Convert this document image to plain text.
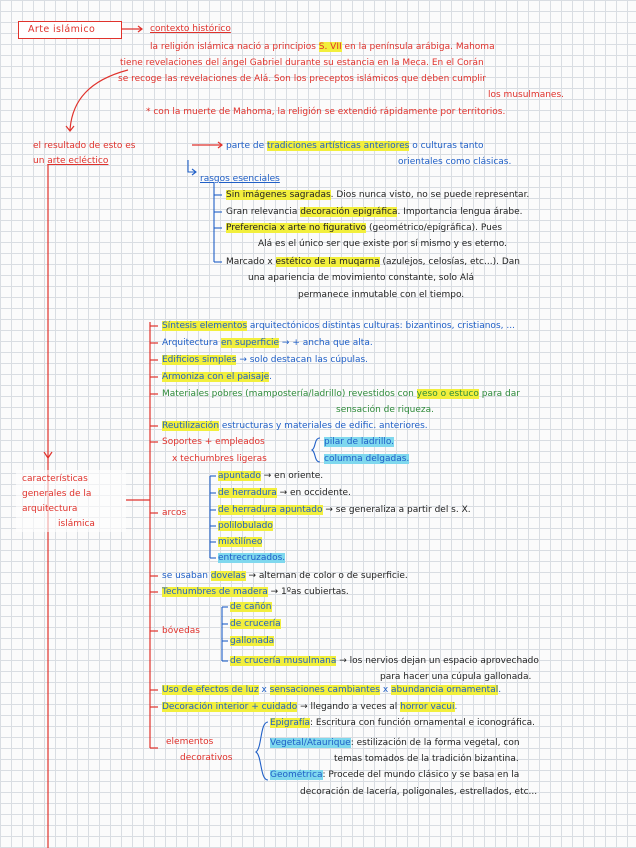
Arte islámico	contexto histórico
la religión islámica nació a principios S. VII en la península arábiga. Mahoma
tiene revelaciones del ángel Gabriel durante su estancia en la Meca. En el Corán
se recoge las revelaciones de Alá. Son los preceptos islámicos que deben cumplir
los musulmanes.
* con la muerte de Mahoma, la religión se extendió rápidamente por territorios.
el resultado de esto es
un arte ecléctico
parte de tradiciones artísticas anteriores o culturas tanto
orientales como clásicas.
rasgos esenciales
Sin imágenes sagradas. Dios nunca visto, no se puede representar.
Gran relevancia decoración epigráfica. Importancia lengua árabe.
Preferencia x arte no figurativo (geométrico/epigráfica). Pues
Alá es el único ser que existe por sí mismo y es eterno.
Marcado x estético de la muqarna (azulejos, celosías, etc...). Dan
una apariencia de movimiento constante, solo Alá
permanece inmutable con el tiempo.
características
generales de la
arquitectura
islámica
Síntesis elementos arquitectónicos distintas culturas: bizantinos, cristianos, ...
Arquitectura en superficie → + ancha que alta.
Edificios simples → solo destacan las cúpulas.
Armoniza con el paisaje.
Materiales pobres (mampostería/ladrillo) revestidos con yeso o estuco para dar
sensación de riqueza.
Reutilización estructuras y materiales de edific. anteriores.
Soportes + empleados
x techumbres ligeras
pilar de ladrillo.
columna delgadas.
arcos
apuntado → en oriente.
de herradura → en occidente.
de herradura apuntado → se generaliza a partir del s. X.
polilobulado
mixtilíneo
entrecruzados.
se usaban dovelas → alternan de color o de superficie.
Techumbres de madera → 1ºas cubiertas.
bóvedas
de cañón
de crucería
gallonada
de crucería musulmana → los nervios dejan un espacio aprovechado
para hacer una cúpula gallonada.
Uso de efectos de luz x sensaciones cambiantes x abundancia ornamental.
Decoración interior + cuidado → llegando a veces al horror vacui.
elementos
decorativos
Epigrafía: Escritura con función ornamental e iconográfica.
Vegetal/Ataurique: estilización de la forma vegetal, con
temas tomados de la tradición bizantina.
Geométrica: Procede del mundo clásico y se basa en la
decoración de lacería, poligonales, estrellados, etc...
